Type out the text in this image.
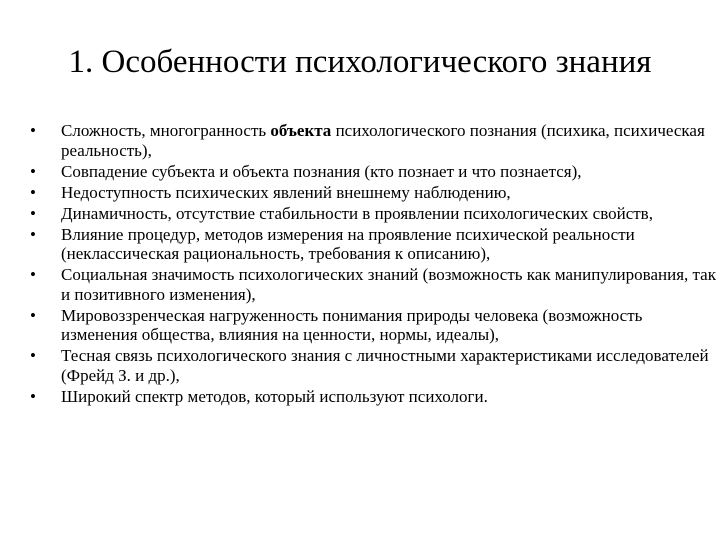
1. Особенности психологического знания
• Сложность, многогранность объекта психологического познания (психика, психическая реальность),
• Совпадение субъекта и объекта познания (кто познает и что познается),
• Недоступность психических явлений внешнему наблюдению,
• Динамичность, отсутствие стабильности в проявлении психологических свойств,
• Влияние процедур, методов измерения на проявление психической реальности (неклассическая рациональность, требования к описанию),
• Социальная значимость психологических знаний (возможность как манипулирования, так и позитивного изменения),
• Мировоззренческая нагруженность понимания природы человека (возможность изменения общества, влияния на ценности, нормы, идеалы),
• Тесная связь психологического знания с личностными характеристиками исследователей (Фрейд З. и др.),
• Широкий спектр методов, который используют психологи.
